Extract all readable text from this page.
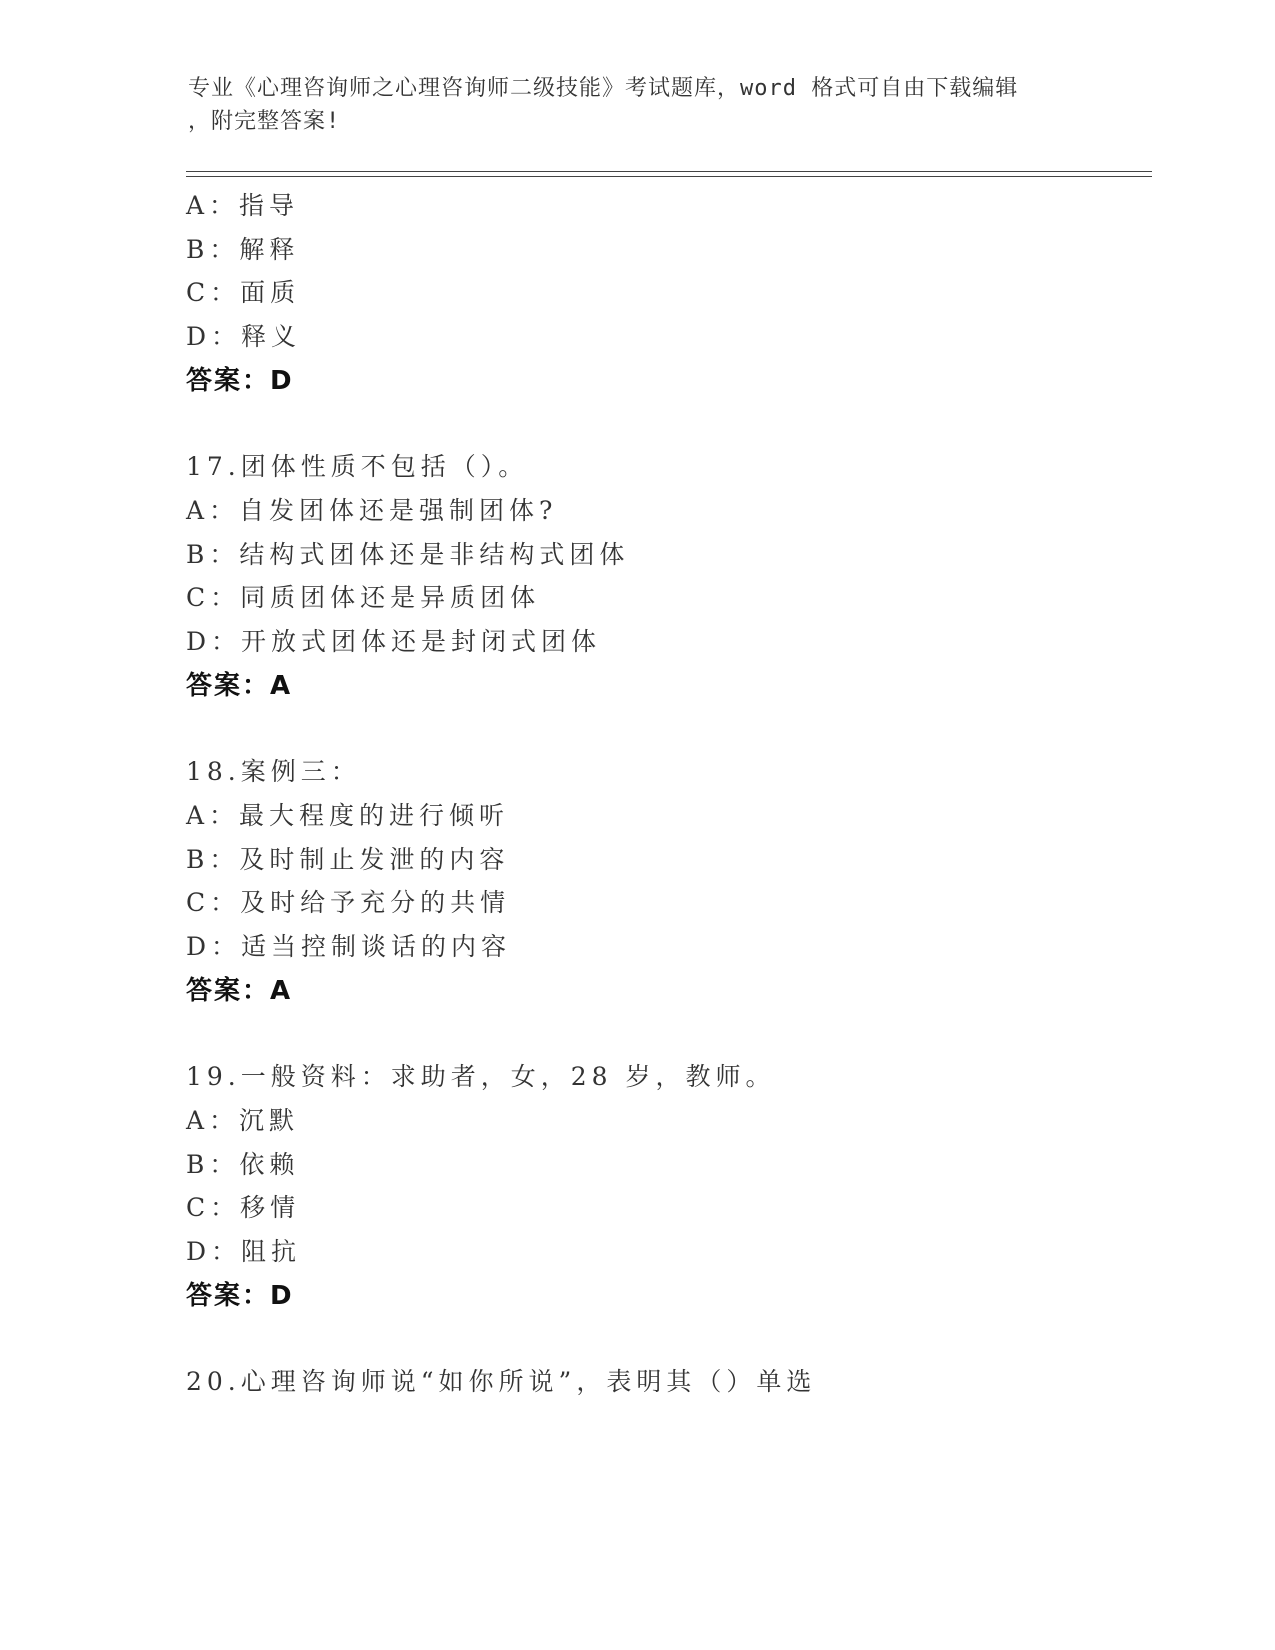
专业《心理咨询师之心理咨询师二级技能》考试题库，word 格式可自由下载编辑
，附完整答案!
A：指导
B：解释
C：面质
D：释义
答案：D
17.团体性质不包括（）。
A：自发团体还是强制团体?
B：结构式团体还是非结构式团体
C：同质团体还是异质团体
D：开放式团体还是封闭式团体
答案：A
18.案例三：
A：最大程度的进行倾听
B：及时制止发泄的内容
C：及时给予充分的共情
D：适当控制谈话的内容
答案：A
19.一般资料：求助者，女，28 岁，教师。
A：沉默
B：依赖
C：移情
D：阻抗
答案：D
20.心理咨询师说“如你所说”，表明其（）单选
